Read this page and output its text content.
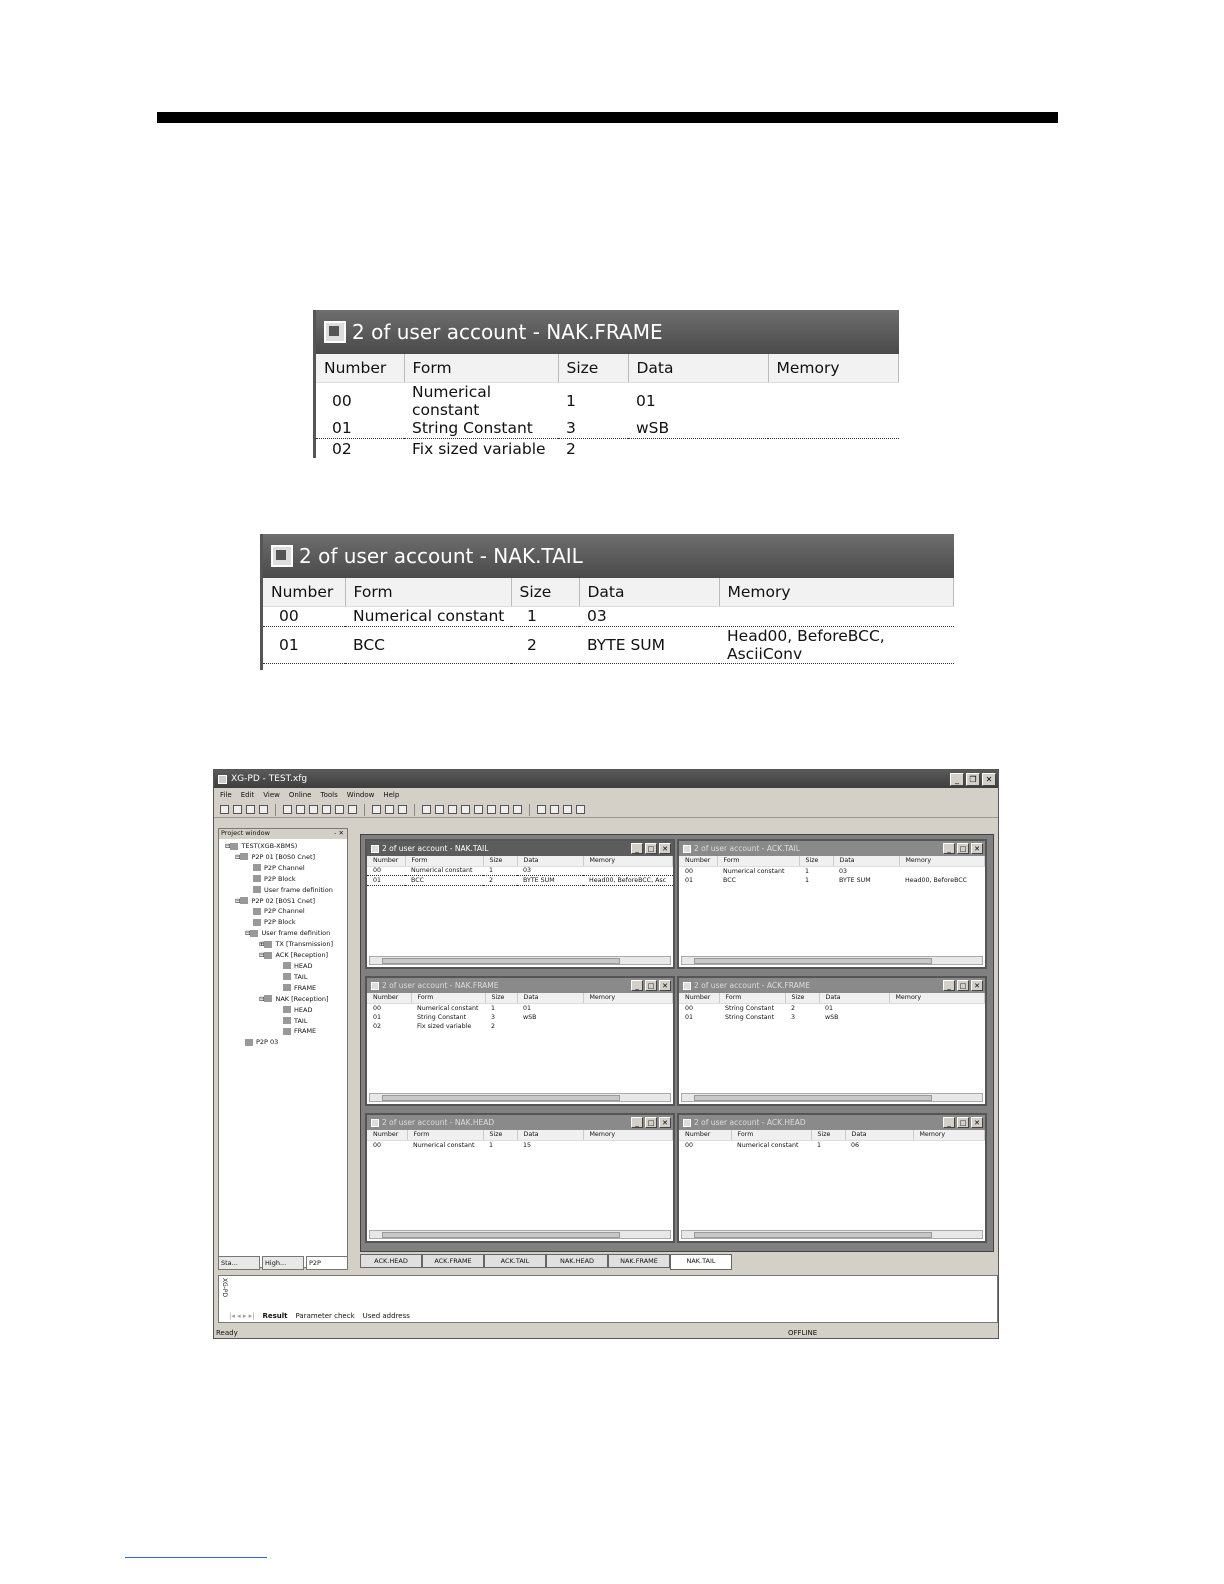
2 of user account - NAK.FRAME
Number	Form	Size	Data	Memory
00	Numerical constant	1	01	
01	String Constant	3	wSB	
02	Fix sized variable	2		
2 of user account - NAK.TAIL
Number	Form	Size	Data	Memory
00	Numerical constant	1	03	
01	BCC	2	BYTE SUM	Head00, BeforeBCC, AsciiConv
XG-PD - TEST.xfg	_	❐	✕
File Edit View Online Tools Window Help
Project window	- ✕
⊟ TEST(XGB-XBMS)
⊟ P2P 01 [B0S0 Cnet]
P2P Channel
P2P Block
User frame definition
⊟ P2P 02 [B0S1 Cnet]
P2P Channel
P2P Block
⊟ User frame definition
⊞ TX [Transmission]
⊟ ACK [Reception]
HEAD
TAIL
FRAME
⊟ NAK [Reception]
HEAD
TAIL
FRAME
P2P 03
Sta...	High...	P2P
2 of user account - NAK.TAIL	_	□	✕
Number	Form	Size	Data	Memory
00	Numerical constant	1	03	
01	BCC	2	BYTE SUM	Head00, BeforeBCC, Asc
2 of user account - ACK.TAIL	_	□	✕
Number	Form	Size	Data	Memory
00	Numerical constant	1	03	
01	BCC	1	BYTE SUM	Head00, BeforeBCC
2 of user account - NAK.FRAME	_	□	✕
Number	Form	Size	Data	Memory
00	Numerical constant	1	01	
01	String Constant	3	wSB	
02	Fix sized variable	2		
2 of user account - ACK.FRAME	_	□	✕
Number	Form	Size	Data	Memory
00	String Constant	2	01	
01	String Constant	3	wSB	
2 of user account - NAK.HEAD	_	□	✕
Number	Form	Size	Data	Memory
00	Numerical constant	1	15	
2 of user account - ACK.HEAD	_	□	✕
Number	Form	Size	Data	Memory
00	Numerical constant	1	06	
ACK.HEAD	ACK.FRAME	ACK.TAIL	NAK.HEAD	NAK.FRAME	NAK.TAIL
XG-PD
|◂ ◂ ▸ ▸| Result Parameter check Used address
Ready	OFFLINE
